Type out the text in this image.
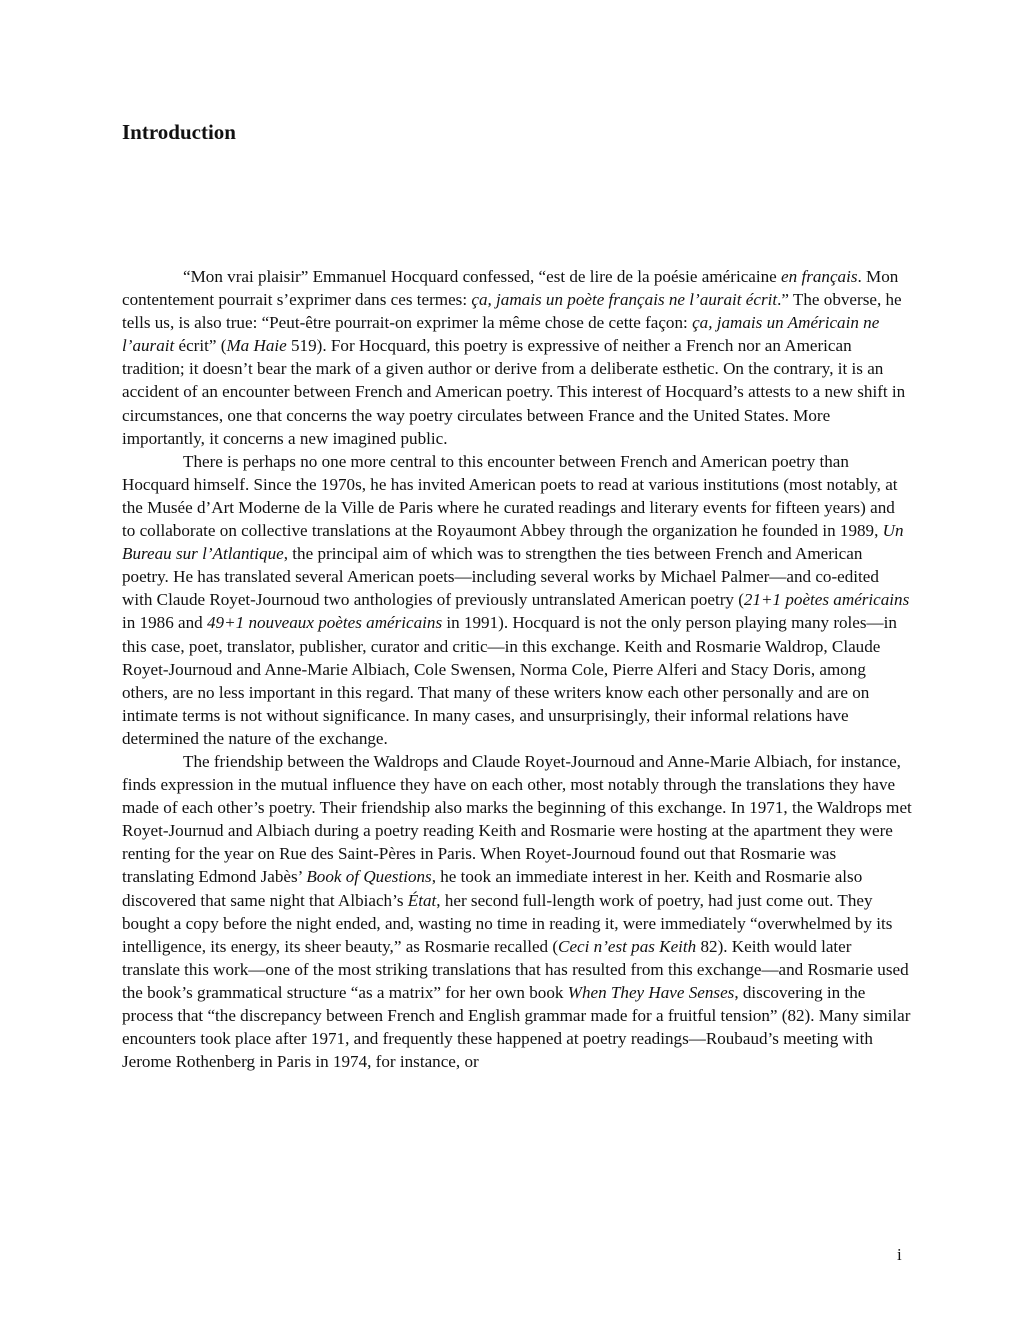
Introduction

“Mon vrai plaisir” Emmanuel Hocquard confessed, “est de lire de la poésie américaine en français. Mon contentement pourrait s’exprimer dans ces termes: ça, jamais un poète français ne l’aurait écrit.” The obverse, he tells us, is also true: “Peut-être pourrait-on exprimer la même chose de cette façon: ça, jamais un Américain ne l’aurait écrit” (Ma Haie 519). For Hocquard, this poetry is expressive of neither a French nor an American tradition; it doesn’t bear the mark of a given author or derive from a deliberate esthetic. On the contrary, it is an accident of an encounter between French and American poetry. This interest of Hocquard’s attests to a new shift in circumstances, one that concerns the way poetry circulates between France and the United States. More importantly, it concerns a new imagined public.

There is perhaps no one more central to this encounter between French and American poetry than Hocquard himself. Since the 1970s, he has invited American poets to read at various institutions (most notably, at the Musée d’Art Moderne de la Ville de Paris where he curated readings and literary events for fifteen years) and to collaborate on collective translations at the Royaumont Abbey through the organization he founded in 1989, Un Bureau sur l’Atlantique, the principal aim of which was to strengthen the ties between French and American poetry. He has translated several American poets—including several works by Michael Palmer—and co-edited with Claude Royet-Journoud two anthologies of previously untranslated American poetry (21+1 poètes américains in 1986 and 49+1 nouveaux poètes américains in 1991). Hocquard is not the only person playing many roles—in this case, poet, translator, publisher, curator and critic—in this exchange. Keith and Rosmarie Waldrop, Claude Royet-Journoud and Anne-Marie Albiach, Cole Swensen, Norma Cole, Pierre Alferi and Stacy Doris, among others, are no less important in this regard. That many of these writers know each other personally and are on intimate terms is not without significance. In many cases, and unsurprisingly, their informal relations have determined the nature of the exchange.

The friendship between the Waldrops and Claude Royet-Journoud and Anne-Marie Albiach, for instance, finds expression in the mutual influence they have on each other, most notably through the translations they have made of each other’s poetry. Their friendship also marks the beginning of this exchange. In 1971, the Waldrops met Royet-Journud and Albiach during a poetry reading Keith and Rosmarie were hosting at the apartment they were renting for the year on Rue des Saint-Pères in Paris. When Royet-Journoud found out that Rosmarie was translating Edmond Jabès’ Book of Questions, he took an immediate interest in her. Keith and Rosmarie also discovered that same night that Albiach’s État, her second full-length work of poetry, had just come out. They bought a copy before the night ended, and, wasting no time in reading it, were immediately “overwhelmed by its intelligence, its energy, its sheer beauty,” as Rosmarie recalled (Ceci n’est pas Keith 82). Keith would later translate this work—one of the most striking translations that has resulted from this exchange—and Rosmarie used the book’s grammatical structure “as a matrix” for her own book When They Have Senses, discovering in the process that “the discrepancy between French and English grammar made for a fruitful tension” (82). Many similar encounters took place after 1971, and frequently these happened at poetry readings—Roubaud’s meeting with Jerome Rothenberg in Paris in 1974, for instance, or

i
